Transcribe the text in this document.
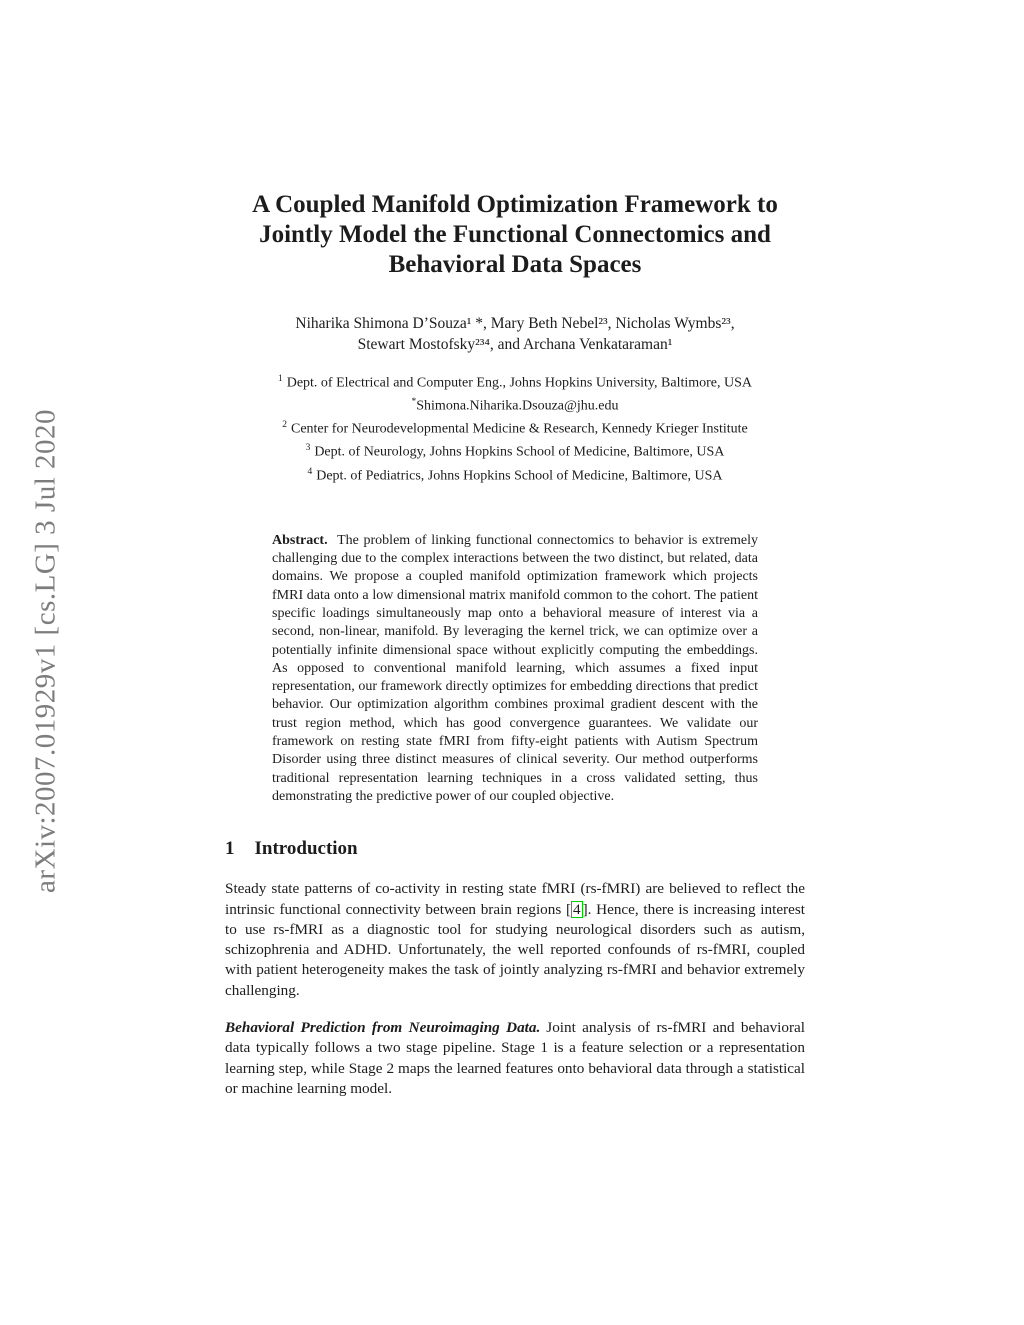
arXiv:2007.01929v1 [cs.LG] 3 Jul 2020
A Coupled Manifold Optimization Framework to
Jointly Model the Functional Connectomics and
Behavioral Data Spaces
Niharika Shimona D’Souza¹ *, Mary Beth Nebel²³, Nicholas Wymbs²³,
Stewart Mostofsky²³⁴, and Archana Venkataraman¹
$^1$ Dept. of Electrical and Computer Eng., Johns Hopkins University, Baltimore, USA
*Shimona.Niharika.Dsouza@jhu.edu
$^2$ Center for Neurodevelopmental Medicine & Research, Kennedy Krieger Institute
$^3$ Dept. of Neurology, Johns Hopkins School of Medicine, Baltimore, USA
$^4$ Dept. of Pediatrics, Johns Hopkins School of Medicine, Baltimore, USA
Abstract. The problem of linking functional connectomics to behavior is extremely challenging due to the complex interactions between the two distinct, but related, data domains. We propose a coupled manifold optimization framework which projects fMRI data onto a low dimensional matrix manifold common to the cohort. The patient specific loadings simultaneously map onto a behavioral measure of interest via a second, non-linear, manifold. By leveraging the kernel trick, we can optimize over a potentially infinite dimensional space without explicitly computing the embeddings. As opposed to conventional manifold learning, which assumes a fixed input representation, our framework directly optimizes for embedding directions that predict behavior. Our optimization algorithm combines proximal gradient descent with the trust region method, which has good convergence guarantees. We validate our framework on resting state fMRI from fifty-eight patients with Autism Spectrum Disorder using three distinct measures of clinical severity. Our method outperforms traditional representation learning techniques in a cross validated setting, thus demonstrating the predictive power of our coupled objective.
1 Introduction

Steady state patterns of co-activity in resting state fMRI (rs-fMRI) are believed to reflect the intrinsic functional connectivity between brain regions [ 4 ]. Hence, there is increasing interest to use rs-fMRI as a diagnostic tool for studying neurological disorders such as autism, schizophrenia and ADHD. Unfortunately, the well reported confounds of rs-fMRI, coupled with patient heterogeneity makes the task of jointly analyzing rs-fMRI and behavior extremely challenging.

Behavioral Prediction from Neuroimaging Data. Joint analysis of rs-fMRI and behavioral data typically follows a two stage pipeline. Stage 1 is a feature selection or a representation learning step, while Stage 2 maps the learned features onto behavioral data through a statistical or machine learning model.
